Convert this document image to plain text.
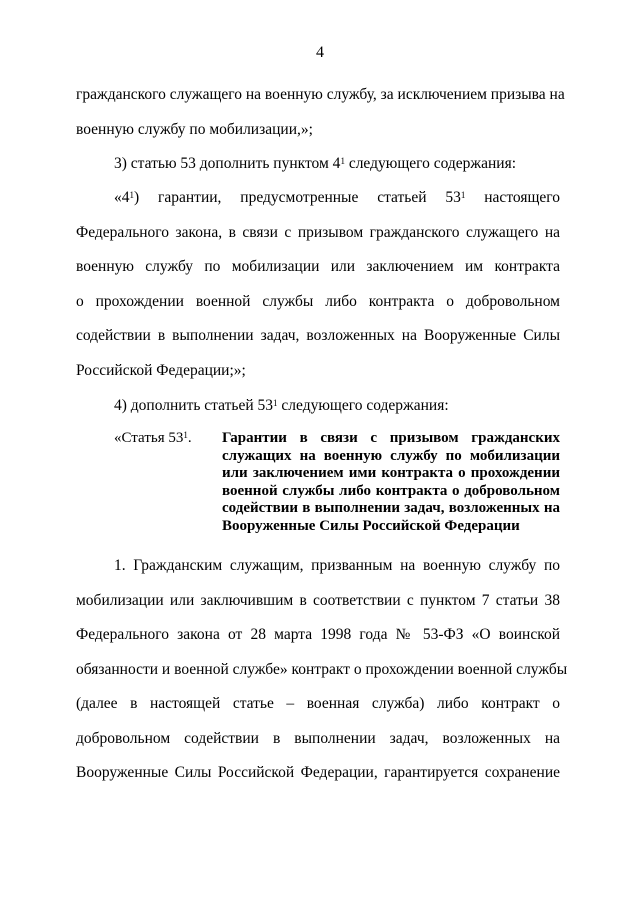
4
гражданского служащего на военную службу, за исключением призыва на
военную службу по мобилизации,»;
3) статью 53 дополнить пунктом $4^1$ следующего содержания:
«$4^1$) гарантии, предусмотренные статьей $53^1$ настоящего
Федерального закона, в связи с призывом гражданского служащего на
военную службу по мобилизации или заключением им контракта
о прохождении военной службы либо контракта о добровольном
содействии в выполнении задач, возложенных на Вооруженные Силы
Российской Федерации;»;
4) дополнить статьей $53^1$ следующего содержания:
«Статья $53^1$. Гарантии в связи с призывом гражданских
служащих на военную службу по мобилизации
или заключением ими контракта о прохождении
военной службы либо контракта о добровольном
содействии в выполнении задач, возложенных на
Вооруженные Силы Российской Федерации
1. Гражданским служащим, призванным на военную службу по
мобилизации или заключившим в соответствии с пунктом 7 статьи 38
Федерального закона от 28 марта 1998 года № 53-ФЗ «О воинской
обязанности и военной службе» контракт о прохождении военной службы
(далее в настоящей статье – военная служба) либо контракт о
добровольном содействии в выполнении задач, возложенных на
Вооруженные Силы Российской Федерации, гарантируется сохранение
